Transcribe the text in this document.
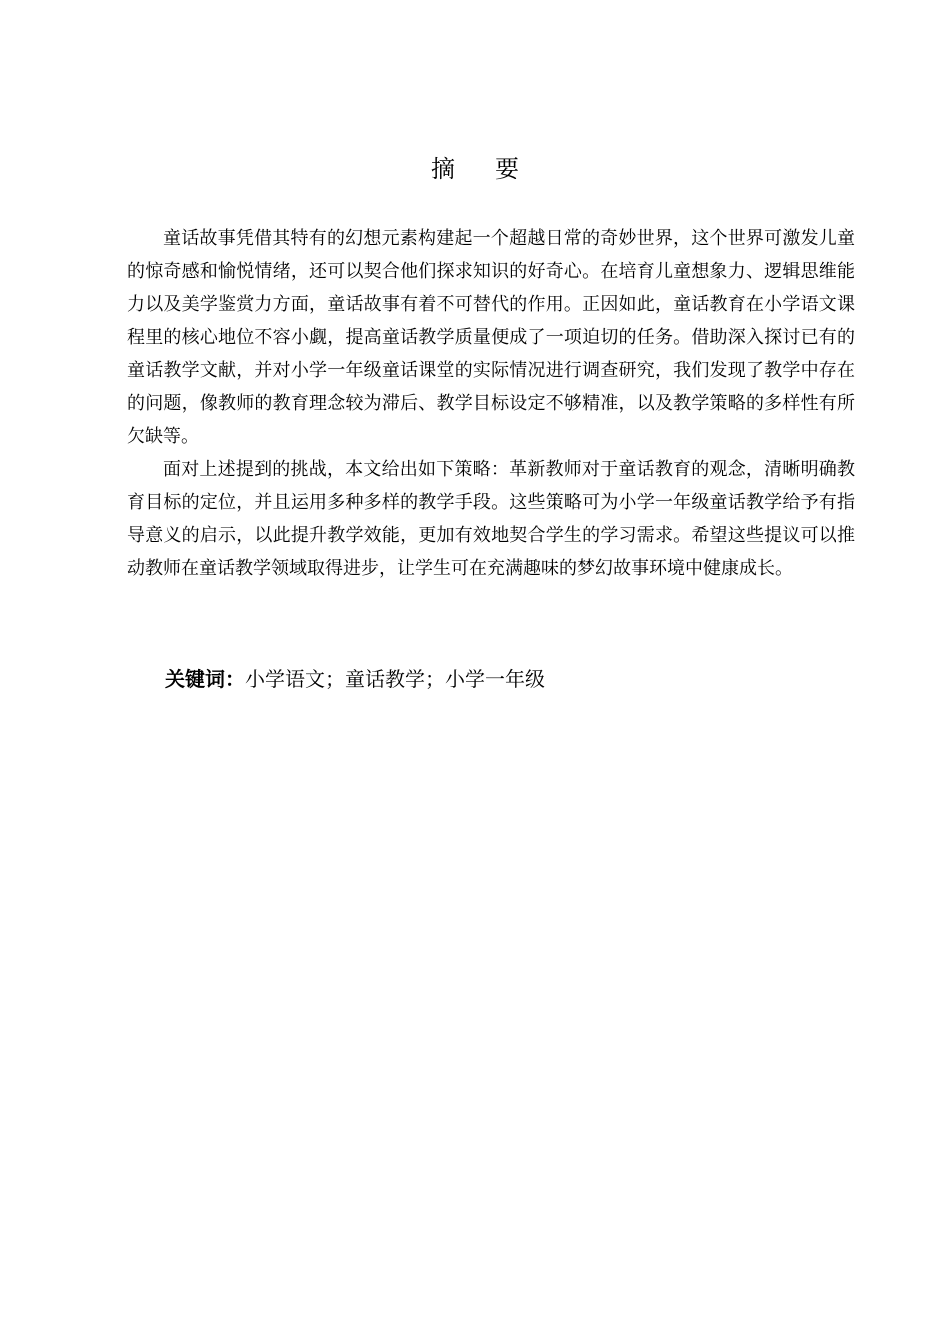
摘要

童话故事凭借其特有的幻想元素构建起一个超越日常的奇妙世界，这个世界可激发儿童的惊奇感和愉悦情绪，还可以契合他们探求知识的好奇心。在培育儿童想象力、逻辑思维能力以及美学鉴赏力方面，童话故事有着不可替代的作用。正因如此，童话教育在小学语文课程里的核心地位不容小觑，提高童话教学质量便成了一项迫切的任务。借助深入探讨已有的童话教学文献，并对小学一年级童话课堂的实际情况进行调查研究，我们发现了教学中存在的问题，像教师的教育理念较为滞后、教学目标设定不够精准，以及教学策略的多样性有所欠缺等。

面对上述提到的挑战，本文给出如下策略：革新教师对于童话教育的观念，清晰明确教育目标的定位，并且运用多种多样的教学手段。这些策略可为小学一年级童话教学给予有指导意义的启示，以此提升教学效能，更加有效地契合学生的学习需求。希望这些提议可以推动教师在童话教学领域取得进步，让学生可在充满趣味的梦幻故事环境中健康成长。

关键词：小学语文；童话教学；小学一年级
